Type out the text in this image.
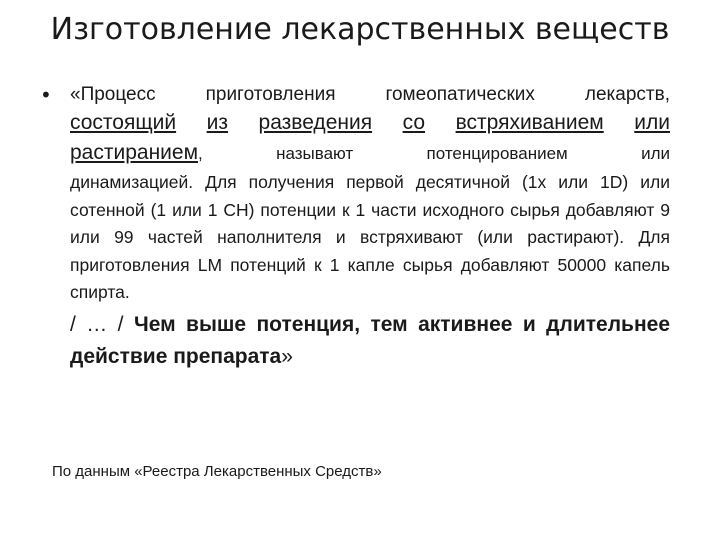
Изготовление лекарственных веществ
• «Процесс приготовления гомеопатических лекарств,
состоящий из разведения со встряхиванием или
растиранием, называют потенцированием или
динамизацией. Для получения первой десятичной (1х или 1D) или сотенной (1 или 1 СН) потенции к 1 части исходного сырья добавляют 9 или 99 частей наполнителя и встряхивают (или растирают). Для приготовления LM потенций к 1 капле сырья добавляют 50000 капель спирта.
/ … / Чем выше потенция, тем активнее и длительнее действие препарата»
По данным «Реестра Лекарственных Средств»
